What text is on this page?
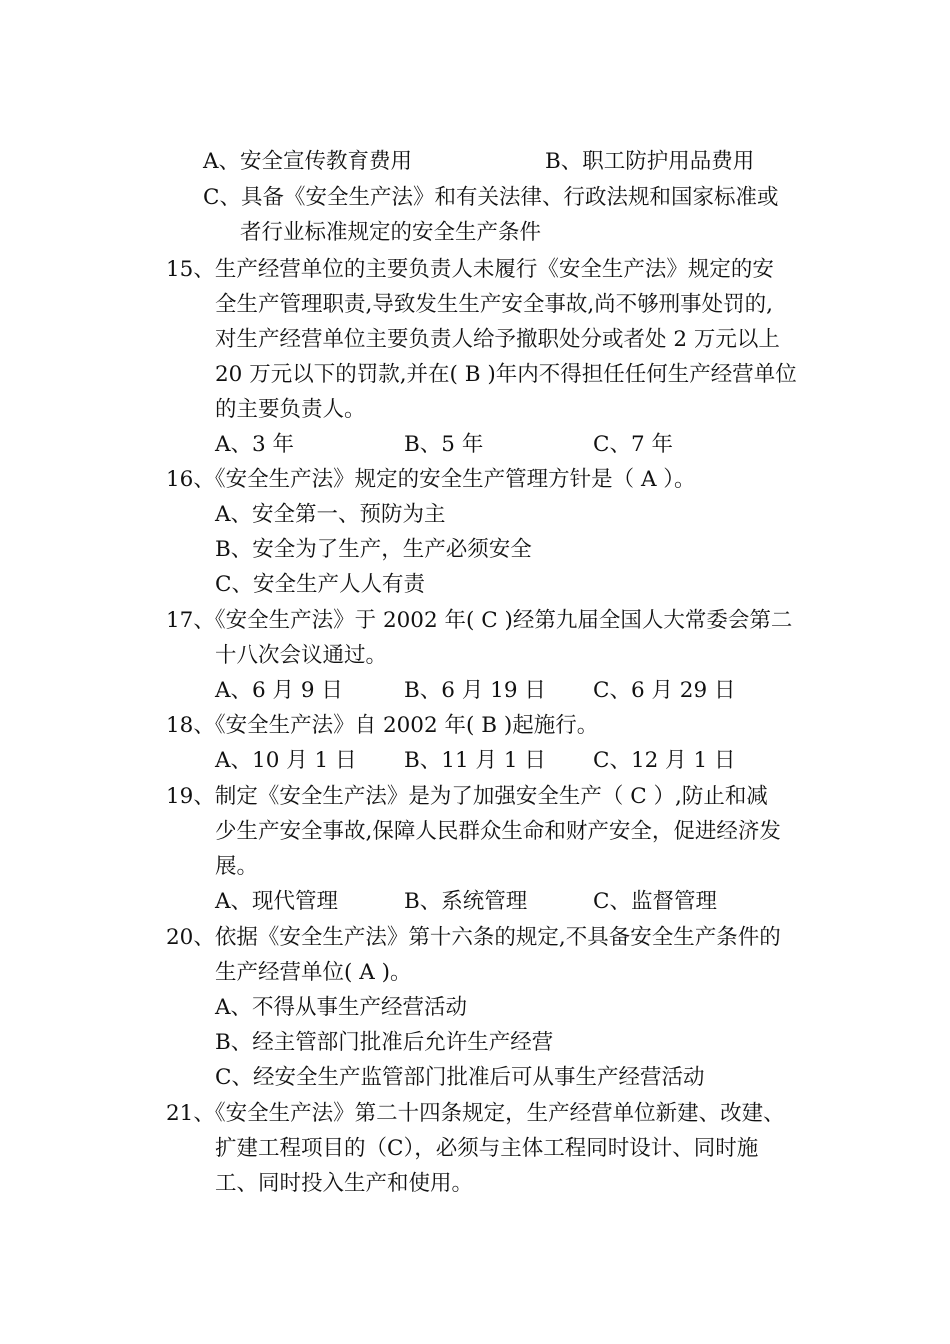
A、安全宣传教育费用	B、职工防护用品费用
C、具备《安全生产法》和有关法律、行政法规和国家标准或
者行业标准规定的安全生产条件
15、生产经营单位的主要负责人未履行《安全生产法》规定的安
全生产管理职责,导致发生生产安全事故,尚不够刑事处罚的,
对生产经营单位主要负责人给予撤职处分或者处 2 万元以上
20 万元以下的罚款,并在( B )年内不得担任任何生产经营单位
的主要负责人。
A、3 年	B、5 年	C、7 年
16、《安全生产法》规定的安全生产管理方针是（ A ）。
A、安全第一、预防为主
B、安全为了生产，生产必须安全
C、安全生产人人有责
17、《安全生产法》于 2002 年( C )经第九届全国人大常委会第二
十八次会议通过。
A、6 月 9 日	B、6 月 19 日 C、6 月 29 日
18、《安全生产法》自 2002 年( B )起施行。
A、10 月 1 日 B、11 月 1 日 C、12 月 1 日
19、制定《安全生产法》是为了加强安全生产（ C ）,防止和减
少生产安全事故,保障人民群众生命和财产安全，促进经济发
展。
A、现代管理	B、系统管理	C、监督管理
20、依据《安全生产法》第十六条的规定,不具备安全生产条件的
生产经营单位( A )。
A、不得从事生产经营活动
B、经主管部门批准后允许生产经营
C、经安全生产监管部门批准后可从事生产经营活动
21、《安全生产法》第二十四条规定，生产经营单位新建、改建、
扩建工程项目的（C），必须与主体工程同时设计、同时施
工、同时投入生产和使用。
